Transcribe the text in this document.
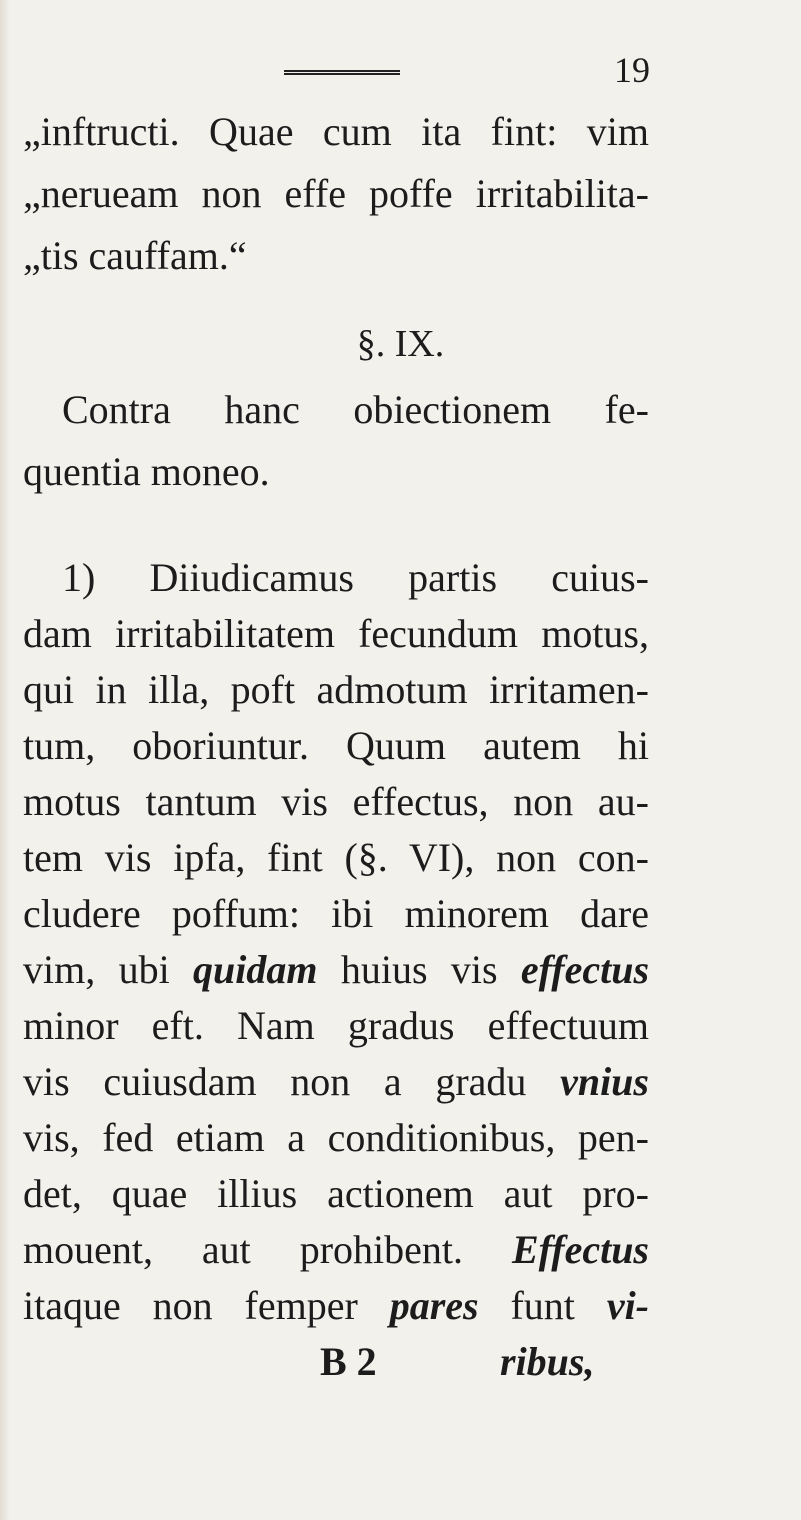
19
„inftructi. Quae cum ita fint: vim
„nerueam non effe poffe irritabilita-
„tis cauffam.“
§. IX.
Contra hanc obiectionem fe-
quentia moneo.
1) Diiudicamus partis cuius-
dam irritabilitatem fecundum motus,
qui in illa, poft admotum irritamen-
tum, oboriuntur. Quum autem hi
motus tantum vis effectus, non au-
tem vis ipfa, fint (§. VI), non con-
cludere poffum: ibi minorem dare
vim, ubi quidam huius vis effectus
minor eft. Nam gradus effectuum
vis cuiusdam non a gradu vnius
vis, fed etiam a conditionibus, pen-
det, quae illius actionem aut pro-
mouent, aut prohibent. Effectus
itaque non femper pares funt vi-
B 2	ribus,
